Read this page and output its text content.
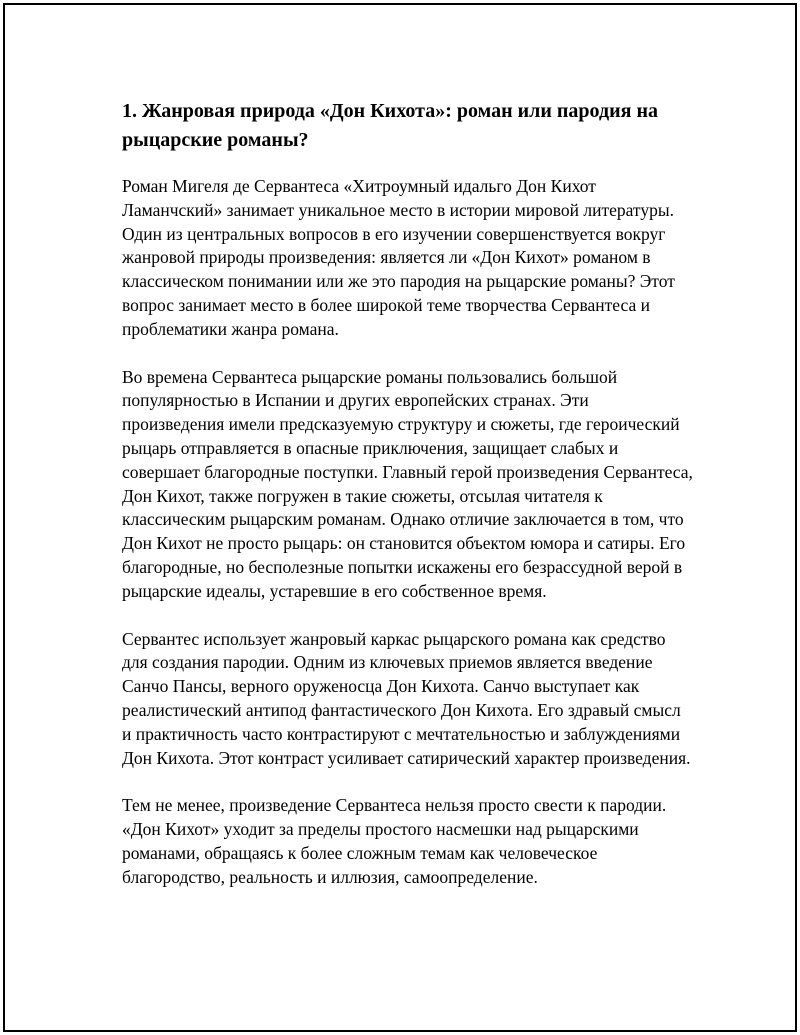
1. Жанровая природа «Дон Кихота»: роман или пародия на рыцарские романы?

Роман Мигеля де Сервантеса «Хитроумный идальго Дон Кихот Ламанчский» занимает уникальное место в истории мировой литературы. Один из центральных вопросов в его изучении совершенствуется вокруг жанровой природы произведения: является ли «Дон Кихот» романом в классическом понимании или же это пародия на рыцарские романы? Этот вопрос занимает место в более широкой теме творчества Сервантеса и проблематики жанра романа.

Во времена Сервантеса рыцарские романы пользовались большой популярностью в Испании и других европейских странах. Эти произведения имели предсказуемую структуру и сюжеты, где героический рыцарь отправляется в опасные приключения, защищает слабых и совершает благородные поступки. Главный герой произведения Сервантеса, Дон Кихот, также погружен в такие сюжеты, отсылая читателя к классическим рыцарским романам. Однако отличие заключается в том, что Дон Кихот не просто рыцарь: он становится объектом юмора и сатиры. Его благородные, но бесполезные попытки искажены его безрассудной верой в рыцарские идеалы, устаревшие в его собственное время.

Сервантес использует жанровый каркас рыцарского романа как средство для создания пародии. Одним из ключевых приемов является введение Санчо Пансы, верного оруженосца Дон Кихота. Санчо выступает как реалистический антипод фантастического Дон Кихота. Его здравый смысл и практичность часто контрастируют с мечтательностью и заблуждениями Дон Кихота. Этот контраст усиливает сатирический характер произведения.

Тем не менее, произведение Сервантеса нельзя просто свести к пародии. «Дон Кихот» уходит за пределы простого насмешки над рыцарскими романами, обращаясь к более сложным темам как человеческое благородство, реальность и иллюзия, самоопределение.
